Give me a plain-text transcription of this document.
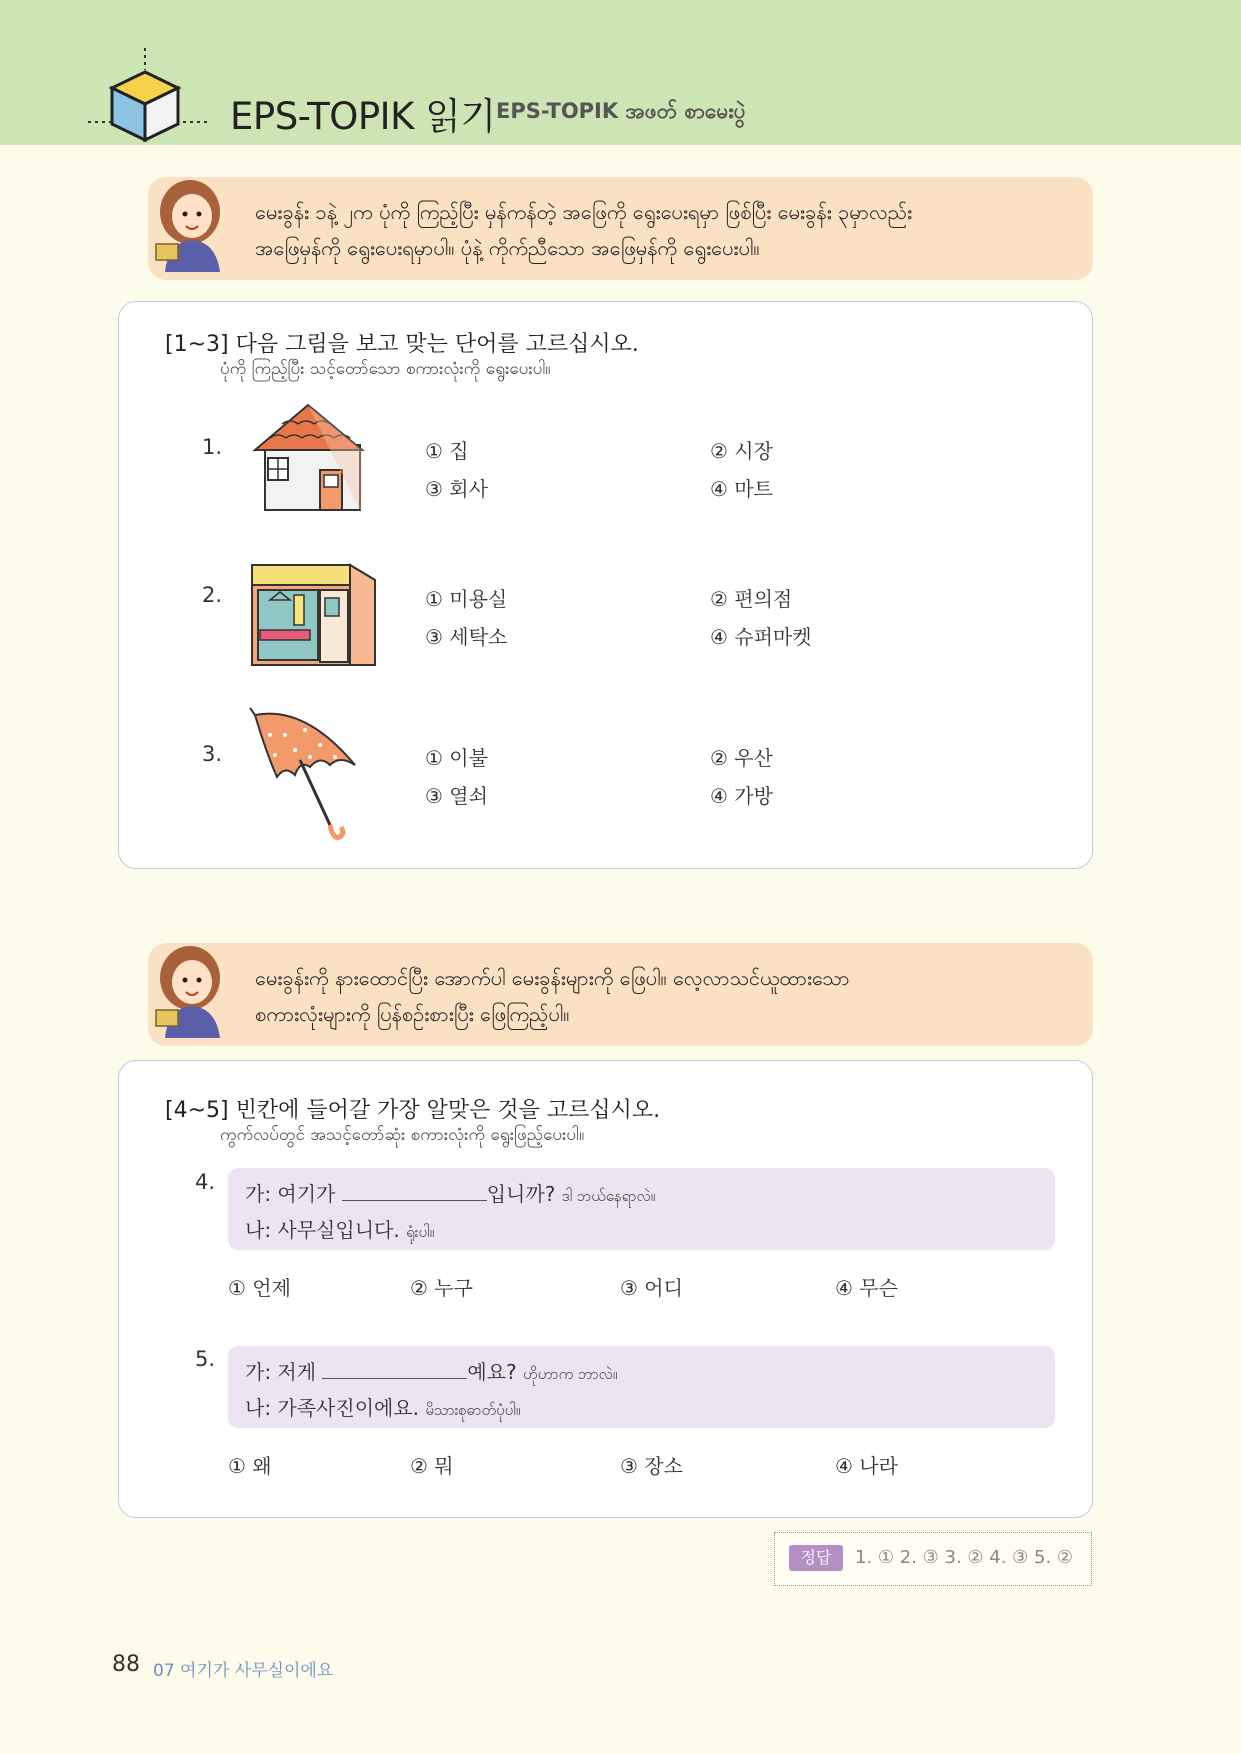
EPS-TOPIK 읽기 EPS-TOPIK အဖတ် စာမေးပွဲ
မေးခွန်း ၁နဲ့ ၂က ပုံကို ကြည့်ပြီး မှန်ကန်တဲ့ အဖြေကို ရွေးပေးရမှာ ဖြစ်ပြီး မေးခွန်း ၃မှာလည်း
အဖြေမှန်ကို ရွေးပေးရမှာပါ။ ပုံနဲ့ ကိုက်ညီသော အဖြေမှန်ကို ရွေးပေးပါ။
[1~3] 다음 그림을 보고 맞는 단어를 고르십시오.
ပုံကို ကြည့်ပြီး သင့်တော်သော စကားလုံးကို ရွေးပေးပါ။
1.	① 집	② 시장
③ 회사	④ 마트
2.	① 미용실	② 편의점
③ 세탁소	④ 슈퍼마켓
3.	① 이불	② 우산
③ 열쇠	④ 가방
မေးခွန်းကို နားထောင်ပြီး အောက်ပါ မေးခွန်းများကို ဖြေပါ။ လေ့လာသင်ယူထားသော
စကားလုံးများကို ပြန်စဉ်းစားပြီး ဖြေကြည့်ပါ။
[4~5] 빈칸에 들어갈 가장 알맞은 것을 고르십시오.
ကွက်လပ်တွင် အသင့်တော်ဆုံး စကားလုံးကို ရွေးဖြည့်ပေးပါ။
4. 가: 여기가	입니까? ဒါ ဘယ်နေရာလဲ။
나: 사무실입니다. ရုံးပါ။
① 언제	② 누구	③ 어디	④ 무슨
5.
가: 저게	예요? ဟိုဟာက ဘာလဲ။
나: 가족사진이에요. မိသားစုဓာတ်ပုံပါ။
① 왜	② 뭐	③ 장소	④ 나라
정답	1. ① 2. ③ 3. ② 4. ③ 5. ②
88 07 여기가 사무실이에요
